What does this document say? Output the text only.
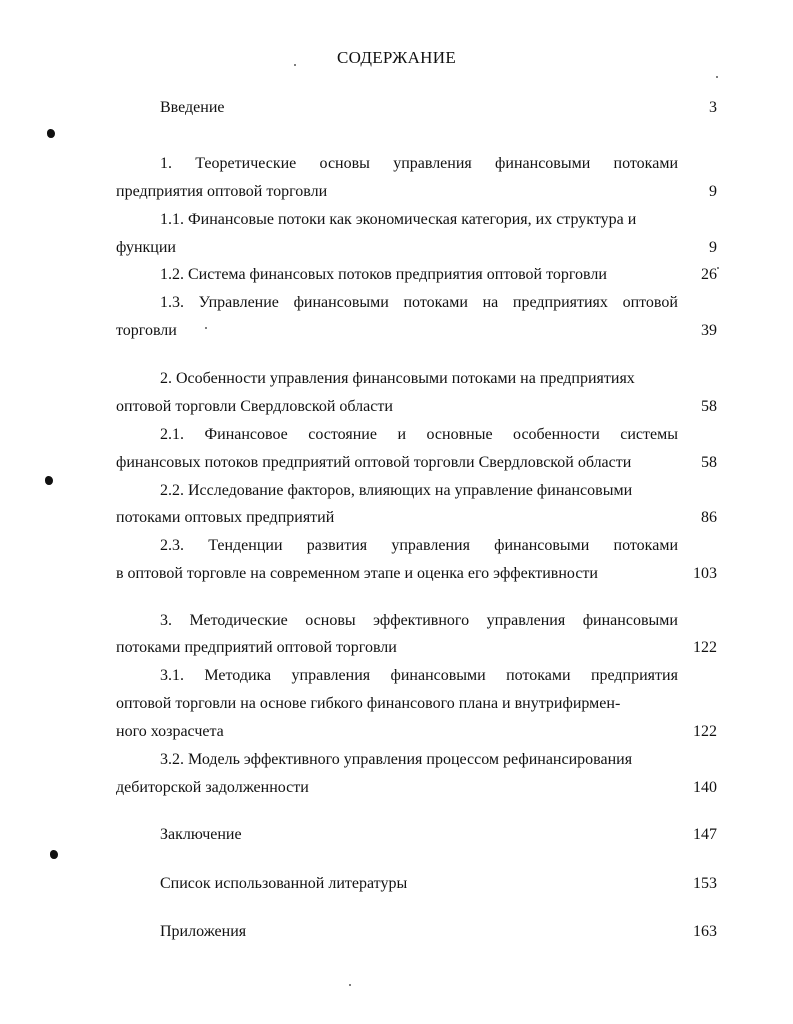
СОДЕРЖАНИЕ
Введение	3
1. Теоретические основы управления финансовыми потоками
предприятия оптовой торговли	9
1.1. Финансовые потоки как экономическая категория, их структура и
функции	9
1.2. Система финансовых потоков предприятия оптовой торговли	26
1.3. Управление финансовыми потоками на предприятиях оптовой
торговли	39
2. Особенности управления финансовыми потоками на предприятиях
оптовой торговли Свердловской области	58
2.1. Финансовое состояние и основные особенности системы
финансовых потоков предприятий оптовой торговли Свердловской области	58
2.2. Исследование факторов, влияющих на управление финансовыми
потоками оптовых предприятий	86
2.3. Тенденции развития управления финансовыми потоками
в оптовой торговле на современном этапе и оценка его эффективности	103
3. Методические основы эффективного управления финансовыми
потоками предприятий оптовой торговли	122
3.1. Методика управления финансовыми потоками предприятия
оптовой торговли на основе гибкого финансового плана и внутрифирмен-
ного хозрасчета	122
3.2. Модель эффективного управления процессом рефинансирования
дебиторской задолженности	140
Заключение	147
Список использованной литературы	153
Приложения	163
